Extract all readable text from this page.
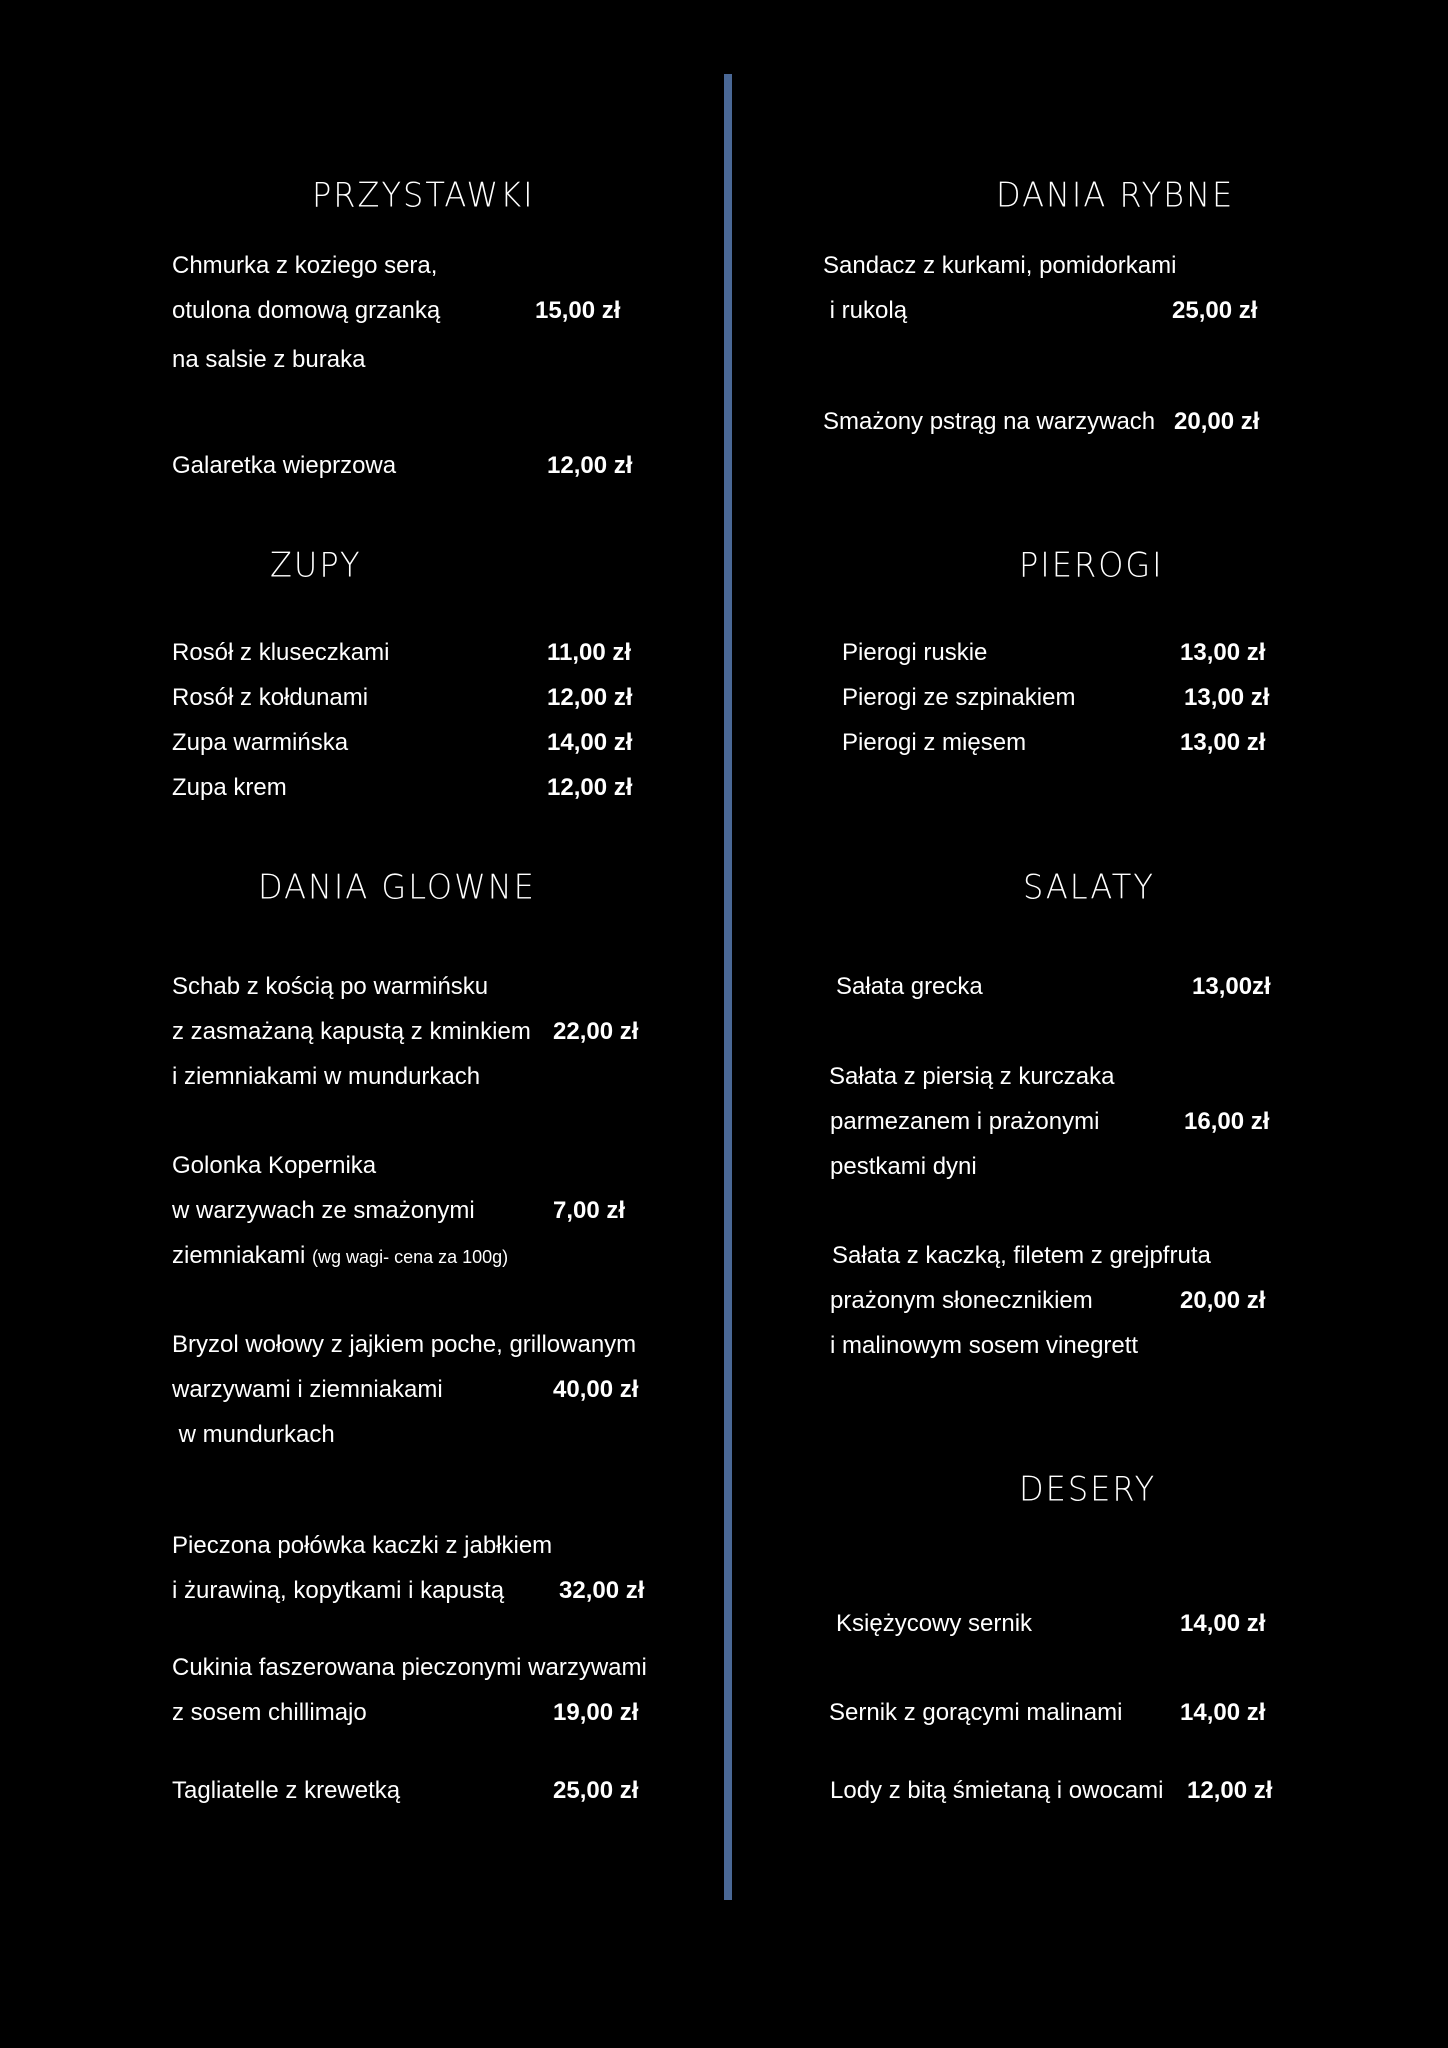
PRZYSTAWKI
Chmurka z koziego sera,
otulona domową grzanką	15,00 zł
na salsie z buraka
Galaretka wieprzowa	12,00 zł
ZUPY
Rosół z kluseczkami	11,00 zł
Rosół z kołdunami	12,00 zł
Zupa warmińska	14,00 zł
Zupa krem	12,00 zł
DANIA GLOWNE
Schab z kością po warmińsku
z zasmażaną kapustą z kminkiem 22,00 zł
i ziemniakami w mundurkach
Golonka Kopernika
w warzywach ze smażonymi	7,00 zł
ziemniakami (wg wagi- cena za 100g)
Bryzol wołowy z jajkiem poche, grillowanym
warzywami i ziemniakami	40,00 zł
w mundurkach
Pieczona połówka kaczki z jabłkiem
i żurawiną, kopytkami i kapustą 32,00 zł
Cukinia faszerowana pieczonymi warzywami
z sosem chillimajo	19,00 zł
Tagliatelle z krewetką	25,00 zł
DANIA RYBNE
Sandacz z kurkami, pomidorkami
i rukolą	25,00 zł
Smażony pstrąg na warzywach 20,00 zł
PIEROGI
Pierogi ruskie	13,00 zł
Pierogi ze szpinakiem	13,00 zł
Pierogi z mięsem	13,00 zł
SALATY
Sałata grecka	13,00zł
Sałata z piersią z kurczaka
parmezanem i prażonymi	16,00 zł
pestkami dyni
Sałata z kaczką, filetem z grejpfruta
prażonym słonecznikiem	20,00 zł
i malinowym sosem vinegrett
DESERY
Księżycowy sernik	14,00 zł
Sernik z gorącymi malinami 14,00 zł
Lody z bitą śmietaną i owocami 12,00 zł
